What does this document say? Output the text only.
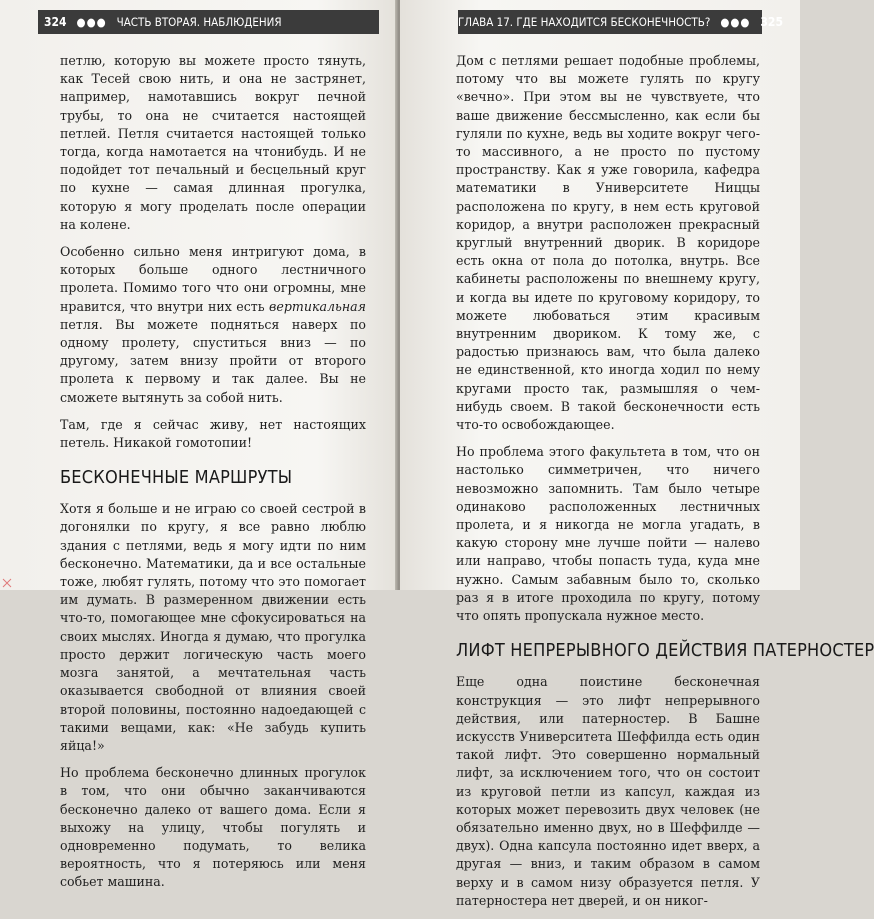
324 ●●● ЧАСТЬ ВТОРАЯ. НАБЛЮДЕНИЯ

петлю, которую вы можете просто тянуть, как Тесей свою нить, и она не застрянет, например, намотавшись вокруг печной трубы, то она не считается настоящей петлей. Петля считается настоящей только тогда, когда намотается на чтонибудь. И не подойдет тот печальный и бесцельный круг по кухне — самая длинная прогулка, которую я могу проделать после операции на колене.

Особенно сильно меня интригуют дома, в которых больше одного лестничного пролета. Помимо того что они огромны, мне нравится, что внутри них есть вертикальная петля. Вы можете подняться наверх по одному пролету, спуститься вниз — по другому, затем внизу пройти от второго пролета к первому и так далее. Вы не сможете вытянуть за собой нить.

Там, где я сейчас живу, нет настоящих петель. Никакой гомотопии!

БЕСКОНЕЧНЫЕ МАРШРУТЫ

Хотя я больше и не играю со своей сестрой в догонялки по кругу, я все равно люблю здания с петлями, ведь я могу идти по ним бесконечно. Математики, да и все остальные тоже, любят гулять, потому что это помогает им думать. В размеренном движении есть что-то, помогающее мне сфокусироваться на своих мыслях. Иногда я думаю, что прогулка просто держит логическую часть моего мозга занятой, а мечтательная часть оказывается свободной от влияния своей второй половины, постоянно надоедающей с такими вещами, как: «Не забудь купить яйца!»

Но проблема бесконечно длинных прогулок в том, что они обычно заканчиваются бесконечно далеко от вашего дома. Если я выхожу на улицу, чтобы погулять и одновременно подумать, то велика вероятность, что я потеряюсь или меня собьет машина.

ГЛАВА 17. ГДЕ НАХОДИТСЯ БЕСКОНЕЧНОСТЬ? ●●● 325

Дом с петлями решает подобные проблемы, потому что вы можете гулять по кругу «вечно». При этом вы не чувствуете, что ваше движение бессмысленно, как если бы гуляли по кухне, ведь вы ходите вокруг чего-то массивного, а не просто по пустому пространству. Как я уже говорила, кафедра математики в Университете Ниццы расположена по кругу, в нем есть круговой коридор, а внутри расположен прекрасный круглый внутренний дворик. В коридоре есть окна от пола до потолка, внутрь. Все кабинеты расположены по внешнему кругу, и когда вы идете по круговому коридору, то можете любоваться этим красивым внутренним двориком. К тому же, с радостью признаюсь вам, что была далеко не единственной, кто иногда ходил по нему кругами просто так, размышляя о чем-нибудь своем. В такой бесконечности есть что-то освобождающее.

Но проблема этого факультета в том, что он настолько симметричен, что ничего невозможно запомнить. Там было четыре одинаково расположенных лестничных пролета, и я никогда не могла угадать, в какую сторону мне лучше пойти — налево или направо, чтобы попасть туда, куда мне нужно. Самым забавным было то, сколько раз я в итоге проходила по кругу, потому что опять пропускала нужное место.

ЛИФТ НЕПРЕРЫВНОГО ДЕЙСТВИЯ ПАТЕРНОСТЕР

Еще одна поистине бесконечная конструкция — это лифт непрерывного действия, или патерностер. В Башне искусств Университета Шеффилда есть один такой лифт. Это совершенно нормальный лифт, за исключением того, что он состоит из круговой петли из капсул, каждая из которых может перевозить двух человек (не обязательно именно двух, но в Шеффилде — двух). Одна капсула постоянно идет вверх, а другая — вниз, и таким образом в самом верху и в самом низу образуется петля. У патерностера нет дверей, и он никог-
